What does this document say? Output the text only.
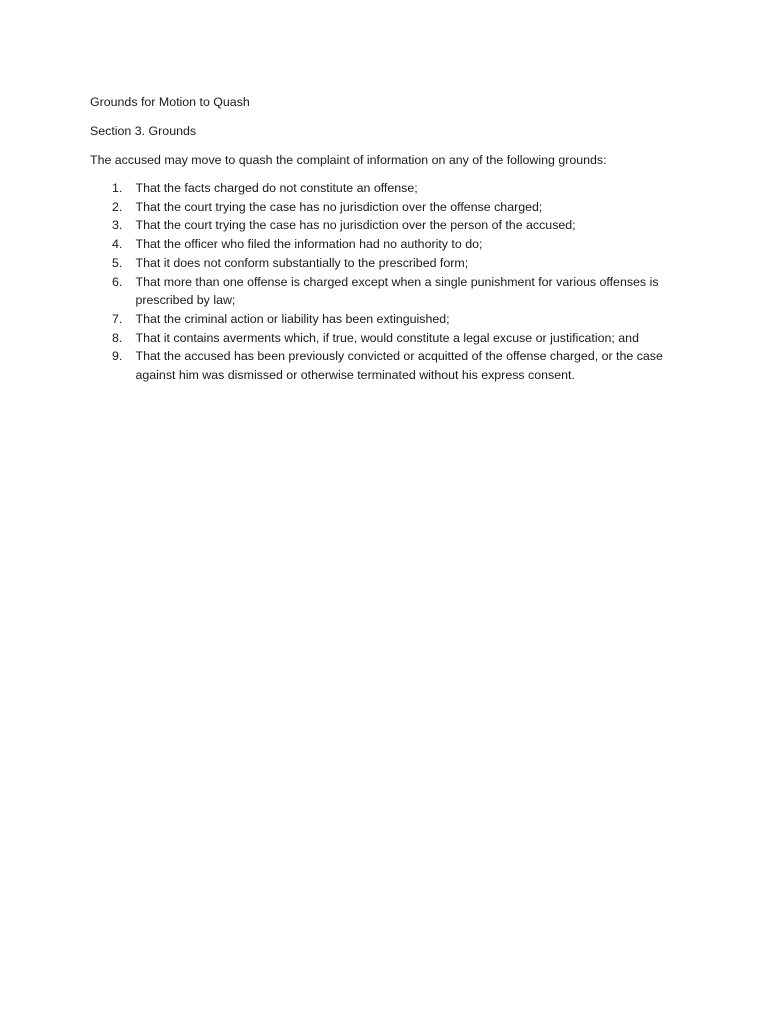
Grounds for Motion to Quash
Section 3. Grounds
The accused may move to quash the complaint of information on any of the following grounds:
1. That the facts charged do not constitute an offense;
2. That the court trying the case has no jurisdiction over the offense charged;
3. That the court trying the case has no jurisdiction over the person of the accused;
4. That the officer who filed the information had no authority to do;
5. That it does not conform substantially to the prescribed form;
6. That more than one offense is charged except when a single punishment for various offenses is prescribed by law;
7. That the criminal action or liability has been extinguished;
8. That it contains averments which, if true, would constitute a legal excuse or justification; and
9. That the accused has been previously convicted or acquitted of the offense charged, or the case against him was dismissed or otherwise terminated without his express consent.
